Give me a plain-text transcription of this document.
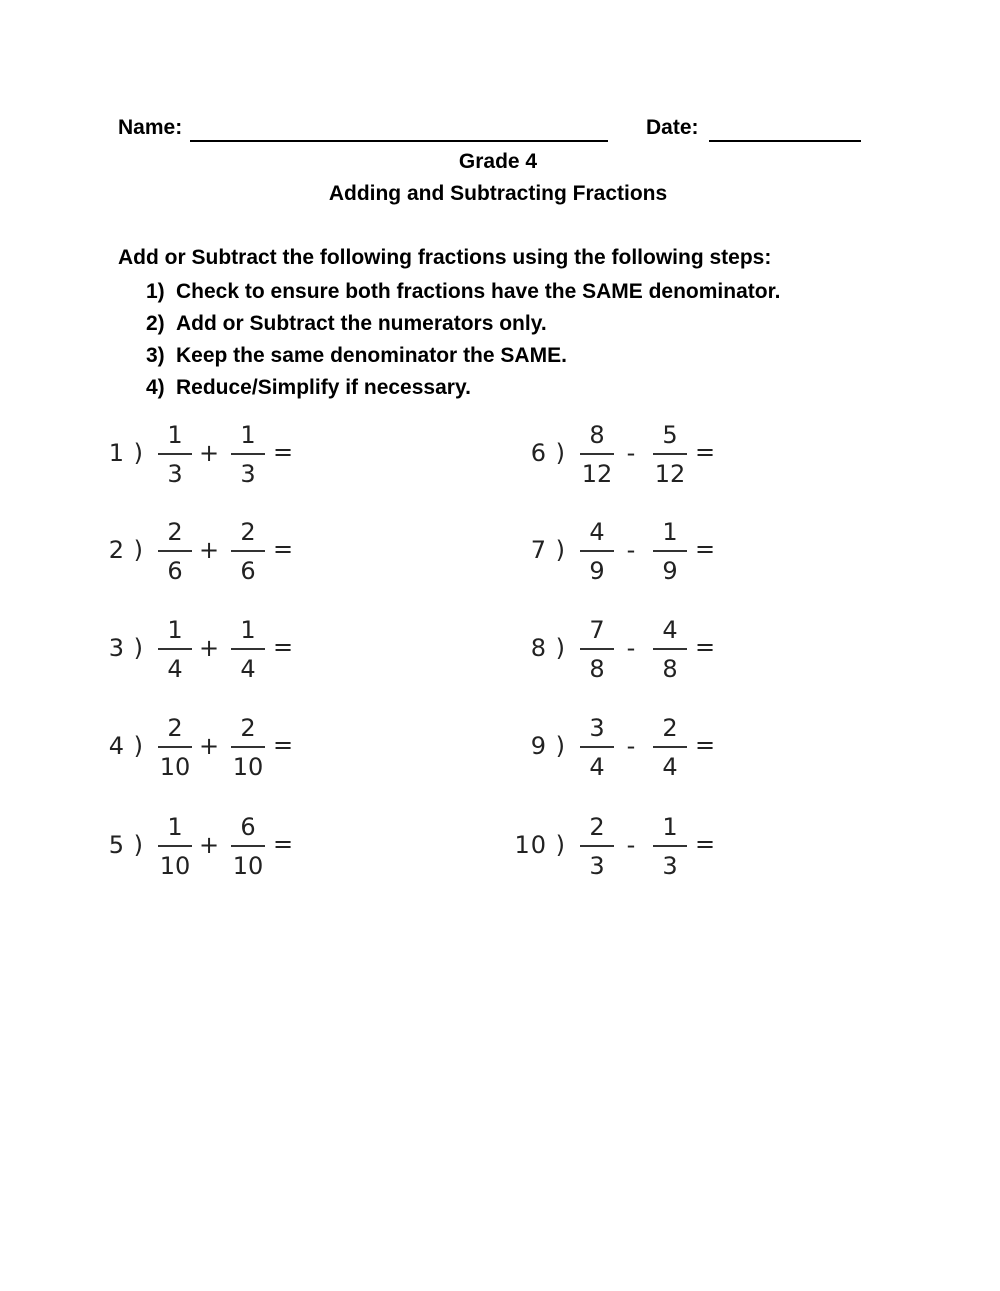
Name:	Date:
Grade 4
Adding and Subtracting Fractions
Add or Subtract the following fractions using the following steps:
1) Check to ensure both fractions have the SAME denominator.
2) Add or Subtract the numerators only.
3) Keep the same denominator the SAME.
4) Reduce/Simplify if necessary.
1 )
1
3
+
1
3
=
2 )
2
6
+
2
6
=
3 )
1
4
+
1
4
=
4 )
2
10
+
2
10
=
5 )
1
10
+
6
10
=
6 )
8
12
-
5
12
=
7 )
4
9
-
1
9
=
8 )
7
8
-
4
8
=
9 )
3
4
-
2
4
=
10 )
2
3
-
1
3
=
